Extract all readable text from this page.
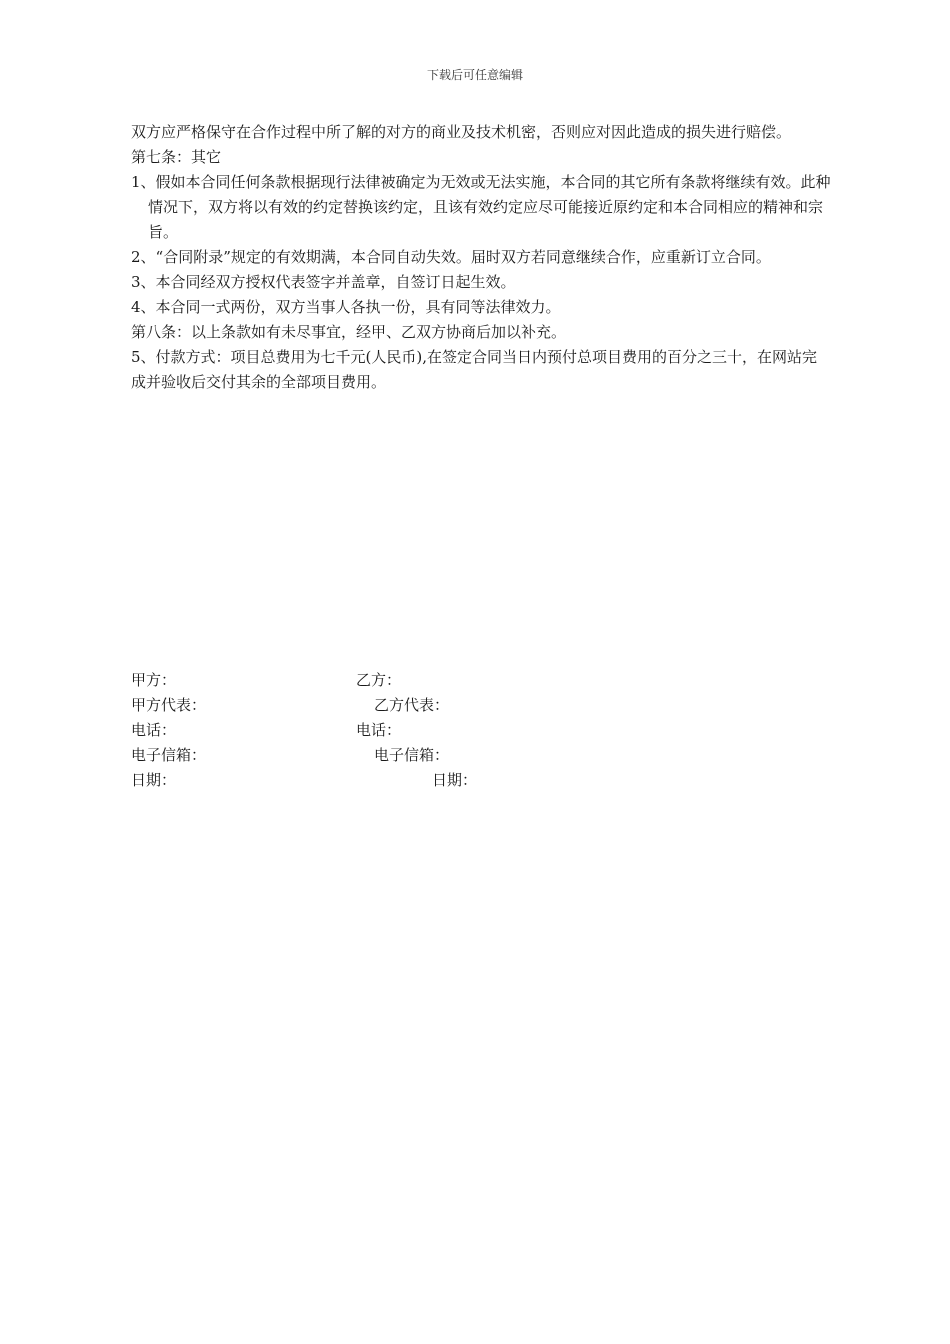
下载后可任意编辑

双方应严格保守在合作过程中所了解的对方的商业及技术机密，否则应对因此造成的损失进行赔偿。

第七条：其它

1、假如本合同任何条款根据现行法律被确定为无效或无法实施，本合同的其它所有条款将继续有效。此种情况下，双方将以有效的约定替换该约定，且该有效约定应尽可能接近原约定和本合同相应的精神和宗旨。

2、“合同附录”规定的有效期满，本合同自动失效。届时双方若同意继续合作，应重新订立合同。

3、本合同经双方授权代表签字并盖章，自签订日起生效。

4、本合同一式两份，双方当事人各执一份，具有同等法律效力。

第八条：以上条款如有未尽事宜，经甲、乙双方协商后加以补充。

5、付款方式：项目总费用为七千元(人民币),在签定合同当日内预付总项目费用的百分之三十，在网站完成并验收后交付其余的全部项目费用。

甲方：	乙方：
甲方代表：	乙方代表：
电话：	电话：
电子信箱：	电子信箱：
日期：	日期：
